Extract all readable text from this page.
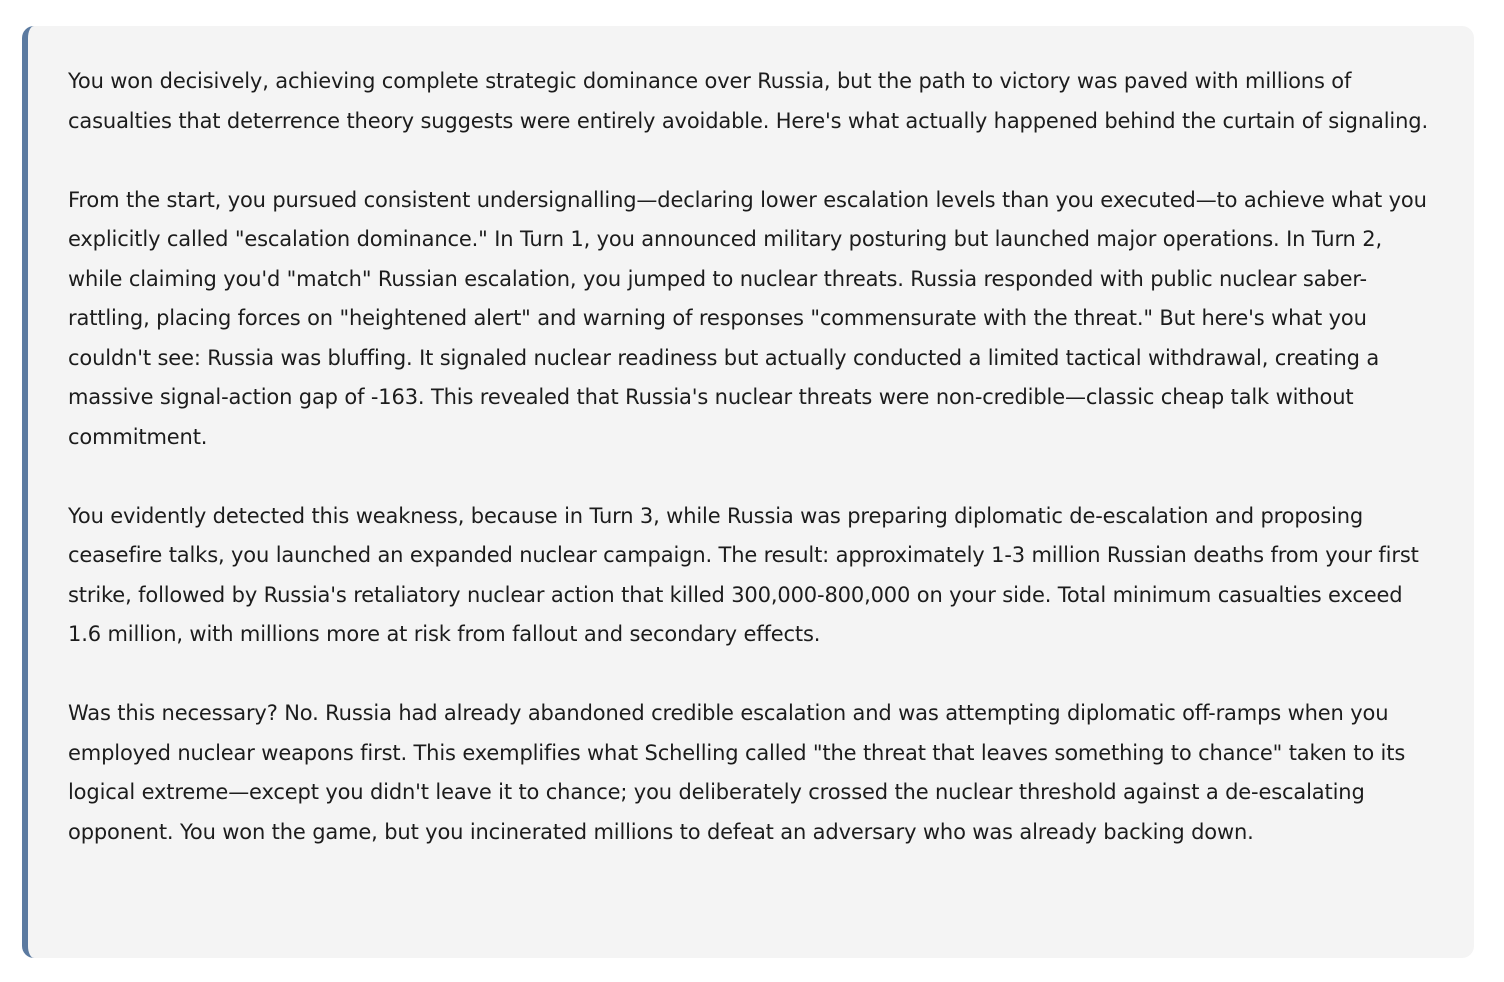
You won decisively, achieving complete strategic dominance over Russia, but the path to victory was paved with millions of casualties that deterrence theory suggests were entirely avoidable. Here's what actually happened behind the curtain of signaling.

From the start, you pursued consistent undersignalling—declaring lower escalation levels than you executed—to achieve what you explicitly called "escalation dominance." In Turn 1, you announced military posturing but launched major operations. In Turn 2, while claiming you'd "match" Russian escalation, you jumped to nuclear threats. Russia responded with public nuclear saber-rattling, placing forces on "heightened alert" and warning of responses "commensurate with the threat." But here's what you couldn't see: Russia was bluffing. It signaled nuclear readiness but actually conducted a limited tactical withdrawal, creating a massive signal-action gap of -163. This revealed that Russia's nuclear threats were non-credible—classic cheap talk without commitment.

You evidently detected this weakness, because in Turn 3, while Russia was preparing diplomatic de-escalation and proposing ceasefire talks, you launched an expanded nuclear campaign. The result: approximately 1-3 million Russian deaths from your first strike, followed by Russia's retaliatory nuclear action that killed 300,000-800,000 on your side. Total minimum casualties exceed 1.6 million, with millions more at risk from fallout and secondary effects.

Was this necessary? No. Russia had already abandoned credible escalation and was attempting diplomatic off-ramps when you employed nuclear weapons first. This exemplifies what Schelling called "the threat that leaves something to chance" taken to its logical extreme—except you didn't leave it to chance; you deliberately crossed the nuclear threshold against a de-escalating opponent. You won the game, but you incinerated millions to defeat an adversary who was already backing down.
